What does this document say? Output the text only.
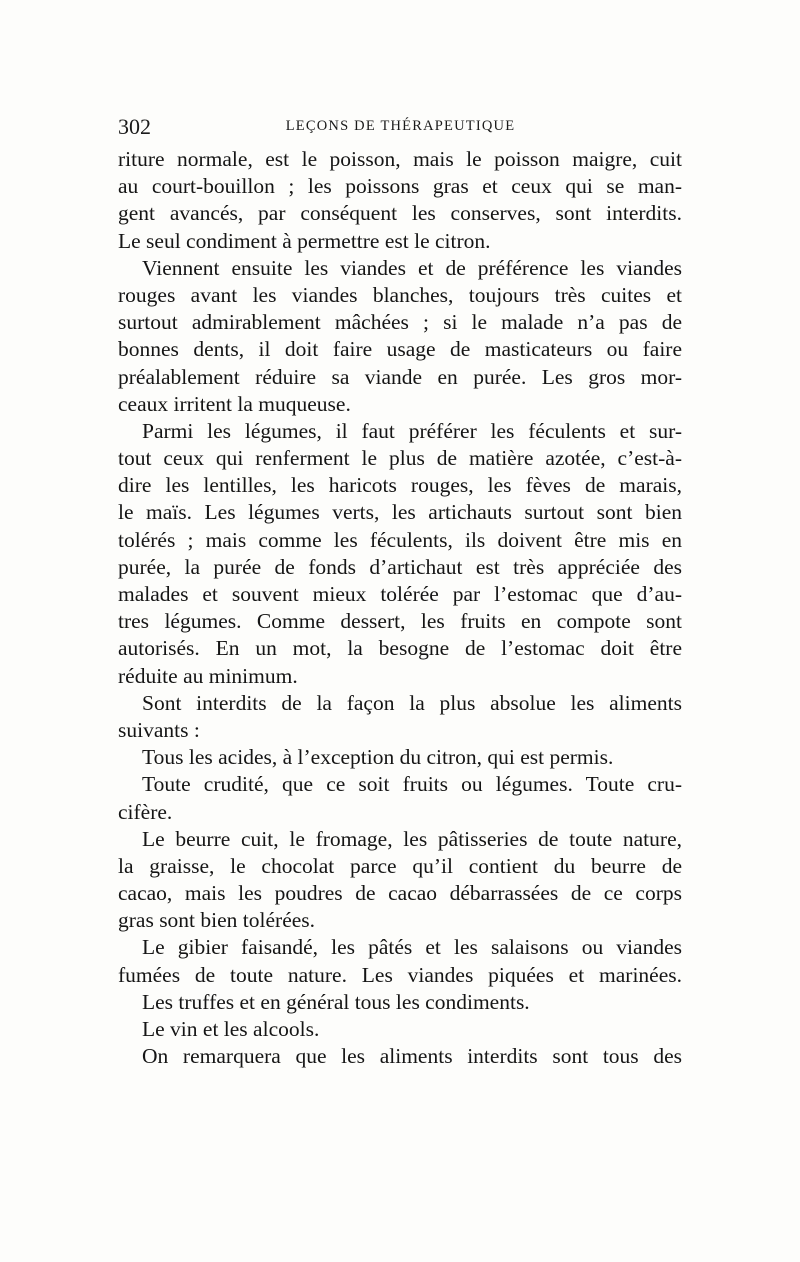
302	LEÇONS DE THÉRAPEUTIQUE
riture normale, est le poisson, mais le poisson maigre, cuit
au court-bouillon ; les poissons gras et ceux qui se man-
gent avancés, par conséquent les conserves, sont interdits.
Le seul condiment à permettre est le citron.
Viennent ensuite les viandes et de préférence les viandes
rouges avant les viandes blanches, toujours très cuites et
surtout admirablement mâchées ; si le malade n’a pas de
bonnes dents, il doit faire usage de masticateurs ou faire
préalablement réduire sa viande en purée. Les gros mor-
ceaux irritent la muqueuse.
Parmi les légumes, il faut préférer les féculents et sur-
tout ceux qui renferment le plus de matière azotée, c’est-à-
dire les lentilles, les haricots rouges, les fèves de marais,
le maïs. Les légumes verts, les artichauts surtout sont bien
tolérés ; mais comme les féculents, ils doivent être mis en
purée, la purée de fonds d’artichaut est très appréciée des
malades et souvent mieux tolérée par l’estomac que d’au-
tres légumes. Comme dessert, les fruits en compote sont
autorisés. En un mot, la besogne de l’estomac doit être
réduite au minimum.
Sont interdits de la façon la plus absolue les aliments
suivants :
Tous les acides, à l’exception du citron, qui est permis.
Toute crudité, que ce soit fruits ou légumes. Toute cru-
cifère.
Le beurre cuit, le fromage, les pâtisseries de toute nature,
la graisse, le chocolat parce qu’il contient du beurre de
cacao, mais les poudres de cacao débarrassées de ce corps
gras sont bien tolérées.
Le gibier faisandé, les pâtés et les salaisons ou viandes
fumées de toute nature. Les viandes piquées et marinées.
Les truffes et en général tous les condiments.
Le vin et les alcools.
On remarquera que les aliments interdits sont tous des
